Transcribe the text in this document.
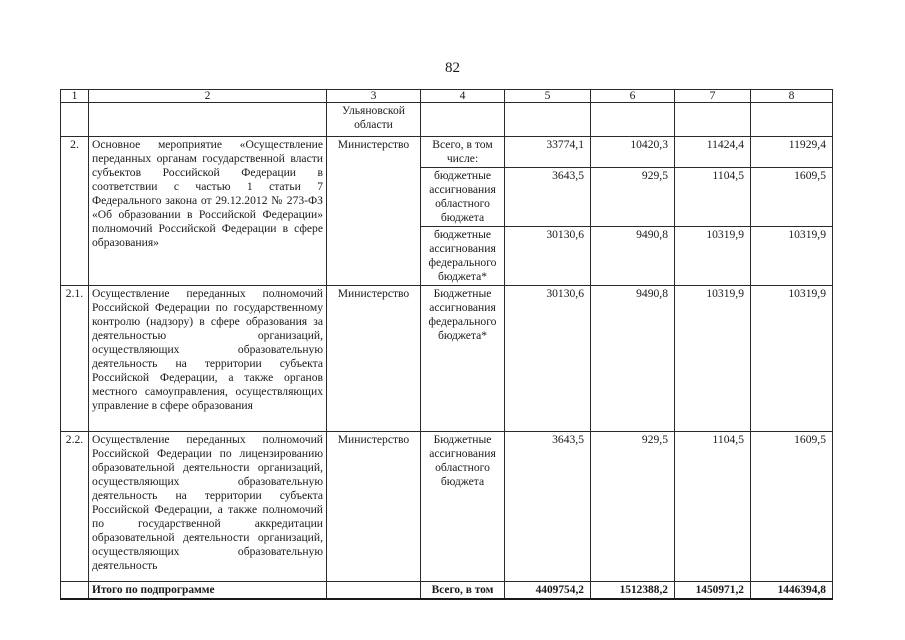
82
1	2	3	4	5	6	7	8
		Ульяновской области					
2.	Основное мероприятие «Осуществление переданных органам государственной власти субъектов Российской Федерации в соответствии с частью 1 статьи 7 Федерального закона от 29.12.2012 № 273-ФЗ «Об образовании в Российской Федерации» полномочий Российской Федерации в сфере образования»	Министерство	Всего, в том числе:	33774,1	10420,3	11424,4	11929,4
			бюджетные ассигнования областного бюджета	3643,5	929,5	1104,5	1609,5
			бюджетные ассигнования федерального бюджета*	30130,6	9490,8	10319,9	10319,9
2.1.	Осуществление переданных полномочий Российской Федерации по государственному контролю (надзору) в сфере образования за деятельностью организаций, осуществляющих образовательную деятельность на территории субъекта Российской Федерации, а также органов местного самоуправления, осуществляющих управление в сфере образования	Министерство	Бюджетные ассигнования федерального бюджета*	30130,6	9490,8	10319,9	10319,9
2.2.	Осуществление переданных полномочий Российской Федерации по лицензированию образовательной деятельности организаций, осуществляющих образовательную деятельность на территории субъекта Российской Федерации, а также полномочий по государственной аккредитации образовательной деятельности организаций, осуществляющих образовательную деятельность	Министерство	Бюджетные ассигнования областного бюджета	3643,5	929,5	1104,5	1609,5
	Итого по подпрограмме		Всего, в том	4409754,2	1512388,2	1450971,2	1446394,8
